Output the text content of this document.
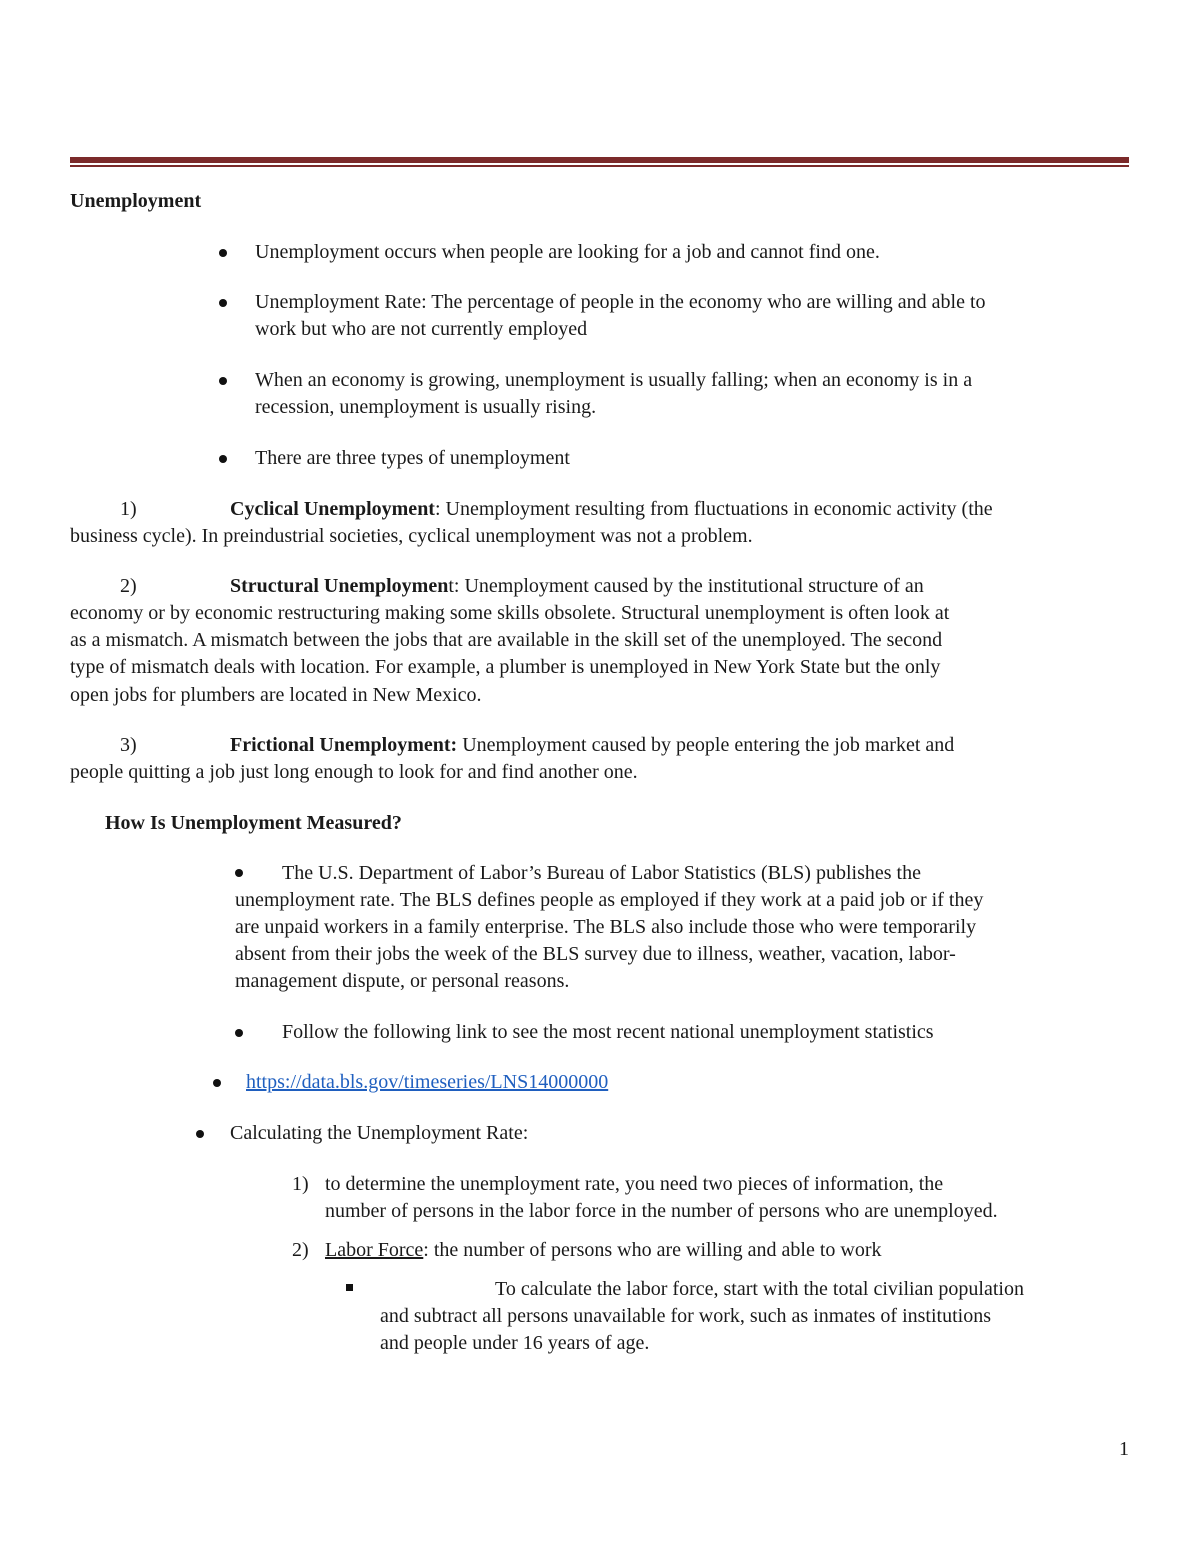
Unemployment
Unemployment occurs when people are looking for a job and cannot find one.
Unemployment Rate: The percentage of people in the economy who are willing and able to
work but who are not currently employed
When an economy is growing, unemployment is usually falling; when an economy is in a
recession, unemployment is usually rising.
There are three types of unemployment
1)	Cyclical Unemployment: Unemployment resulting from fluctuations in economic activity (the
business cycle). In preindustrial societies, cyclical unemployment was not a problem.
2)	Structural Unemployment: Unemployment caused by the institutional structure of an
economy or by economic restructuring making some skills obsolete. Structural unemployment is often look at
as a mismatch. A mismatch between the jobs that are available in the skill set of the unemployed. The second
type of mismatch deals with location. For example, a plumber is unemployed in New York State but the only
open jobs for plumbers are located in New Mexico.
3)	Frictional Unemployment: Unemployment caused by people entering the job market and
people quitting a job just long enough to look for and find another one.
How Is Unemployment Measured?
The U.S. Department of Labor’s Bureau of Labor Statistics (BLS) publishes the
unemployment rate. The BLS defines people as employed if they work at a paid job or if they
are unpaid workers in a family enterprise. The BLS also include those who were temporarily
absent from their jobs the week of the BLS survey due to illness, weather, vacation, labor-
management dispute, or personal reasons.
Follow the following link to see the most recent national unemployment statistics
https://data.bls.gov/timeseries/LNS14000000
Calculating the Unemployment Rate:
1) to determine the unemployment rate, you need two pieces of information, the
number of persons in the labor force in the number of persons who are unemployed.
2) Labor Force: the number of persons who are willing and able to work
To calculate the labor force, start with the total civilian population
and subtract all persons unavailable for work, such as inmates of institutions
and people under 16 years of age.
1
